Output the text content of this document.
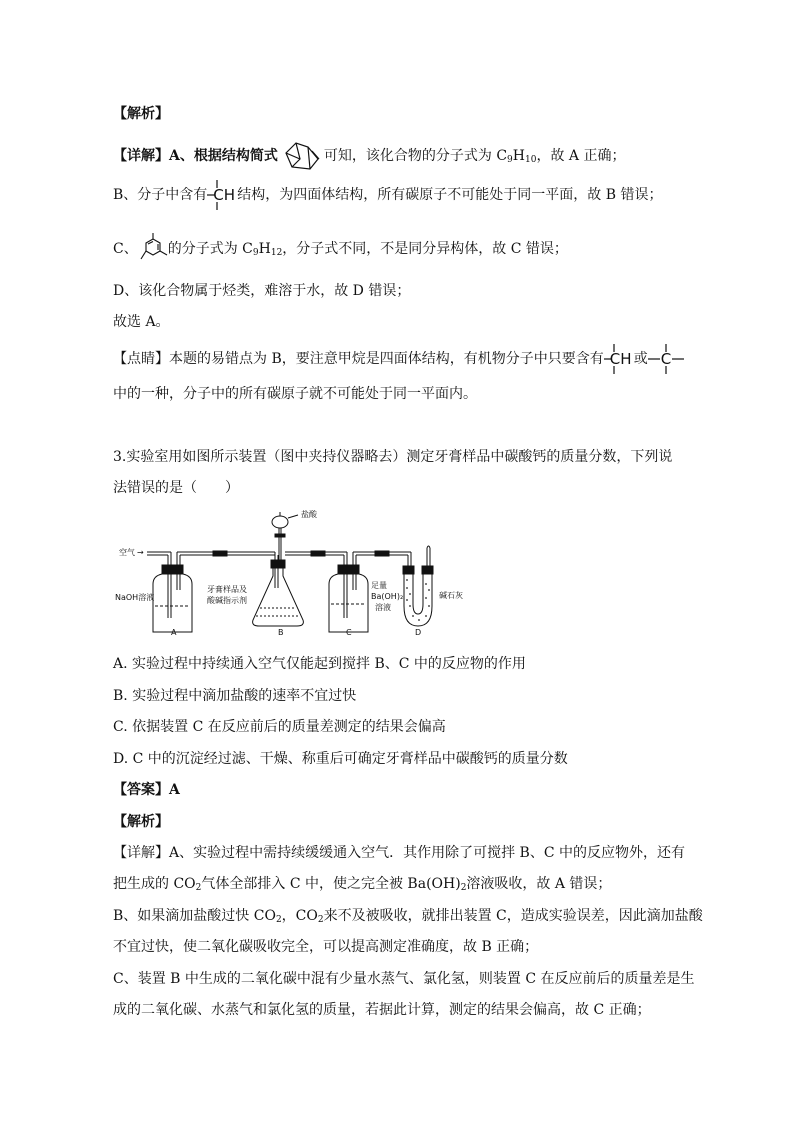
【解析】
【详解】A、根据结构简式	可知，该化合物的分子式为 $C_9H_{10}$，故 A 正确；
B、分子中含有 CH 结构，为四面体结构，所有碳原子不可能处于同一平面，故 B 错误；
C、 的分子式为 $C_9H_{12}$，分子式不同，不是同分异构体，故 C 错误；
D、该化合物属于烃类，难溶于水，故 D 错误；
故选 A。
【点睛】本题的易错点为 B，要注意甲烷是四面体结构，有机物分子中只要含有 CH 或 C
中的一种，分子中的所有碳原子就不可能处于同一平面内。
3.实验室用如图所示装置（图中夹持仪器略去）测定牙膏样品中碳酸钙的质量分数，下列说
法错误的是（　　）
空气 →
盐酸
NaOH溶液
牙膏样品及
酸碱指示剂
足量
Ba(OH)₂
溶液
碱石灰
A	B	C	D
A. 实验过程中持续通入空气仅能起到搅拌 B、C 中的反应物的作用
B. 实验过程中滴加盐酸的速率不宜过快
C. 依据装置 C 在反应前后的质量差测定的结果会偏高
D. C 中的沉淀经过滤、干燥、称重后可确定牙膏样品中碳酸钙的质量分数
【答案】A
【解析】
【详解】A、实验过程中需持续缓缓通入空气．其作用除了可搅拌 B、C 中的反应物外，还有
把生成的 $CO_2$气体全部排入 C 中，使之完全被 $Ba(OH)_2$溶液吸收，故 A 错误；
B、如果滴加盐酸过快 $CO_2$，$CO_2$来不及被吸收，就排出装置 C，造成实验误差，因此滴加盐酸
不宜过快，使二氧化碳吸收完全，可以提高测定准确度，故 B 正确；
C、装置 B 中生成的二氧化碳中混有少量水蒸气、氯化氢，则装置 C 在反应前后的质量差是生
成的二氧化碳、水蒸气和氯化氢的质量，若据此计算，测定的结果会偏高，故 C 正确；
